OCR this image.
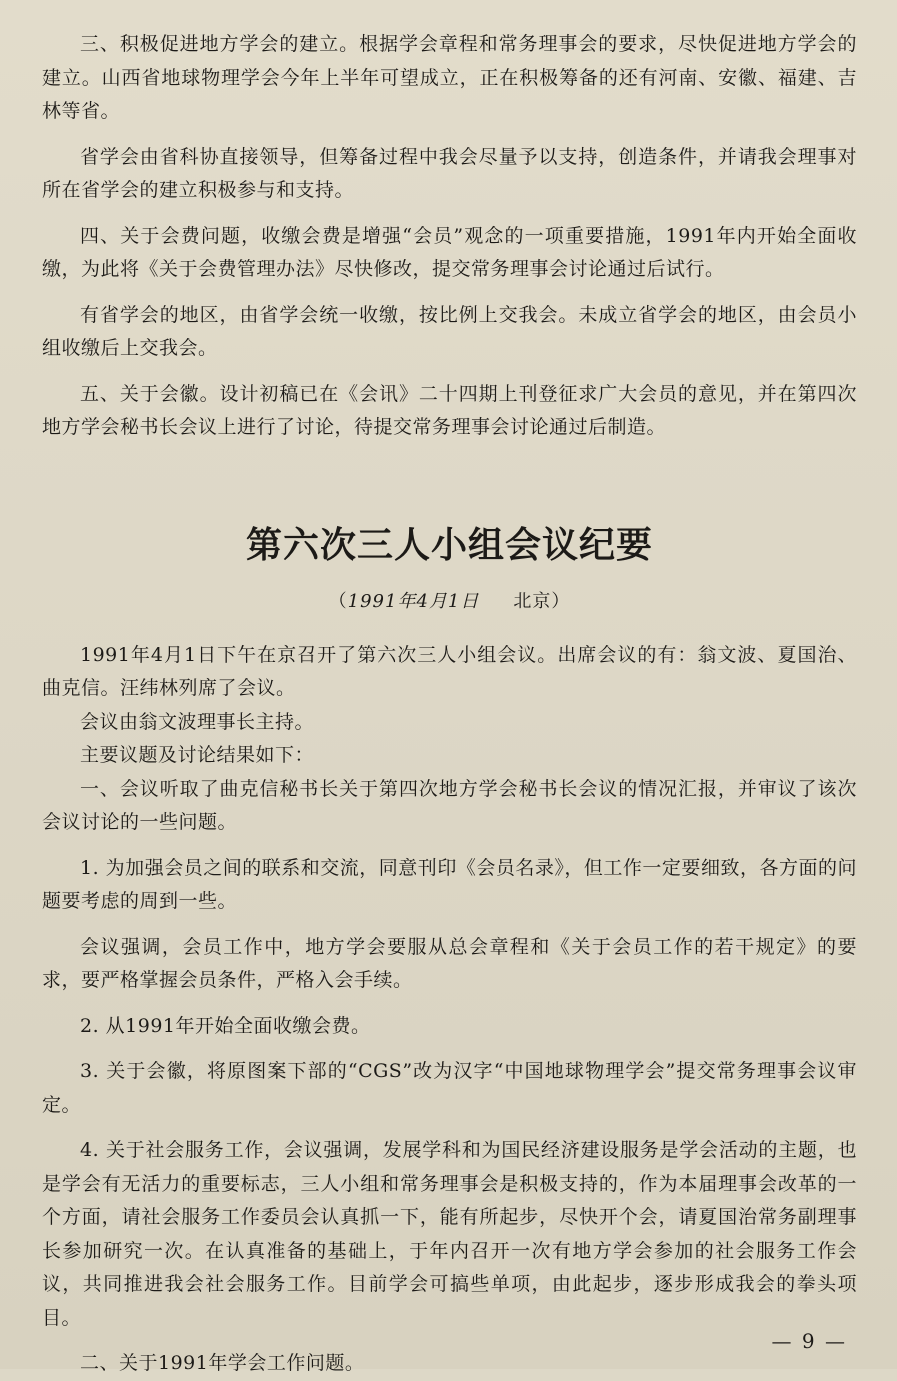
三、积极促进地方学会的建立。根据学会章程和常务理事会的要求，尽快促进地方学会的建立。山西省地球物理学会今年上半年可望成立，正在积极筹备的还有河南、安徽、福建、吉林等省。

省学会由省科协直接领导，但筹备过程中我会尽量予以支持，创造条件，并请我会理事对所在省学会的建立积极参与和支持。

四、关于会费问题，收缴会费是增强“会员”观念的一项重要措施，1991年内开始全面收缴，为此将《关于会费管理办法》尽快修改，提交常务理事会讨论通过后试行。

有省学会的地区，由省学会统一收缴，按比例上交我会。未成立省学会的地区，由会员小组收缴后上交我会。

五、关于会徽。设计初稿已在《会讯》二十四期上刊登征求广大会员的意见，并在第四次地方学会秘书长会议上进行了讨论，待提交常务理事会讨论通过后制造。

第六次三人小组会议纪要
（1991年4月1日 北京）

1991年4月1日下午在京召开了第六次三人小组会议。出席会议的有：翁文波、夏国治、曲克信。汪纬林列席了会议。

会议由翁文波理事长主持。

主要议题及讨论结果如下：

一、会议听取了曲克信秘书长关于第四次地方学会秘书长会议的情况汇报，并审议了该次会议讨论的一些问题。

1. 为加强会员之间的联系和交流，同意刊印《会员名录》，但工作一定要细致，各方面的问题要考虑的周到一些。

会议强调，会员工作中，地方学会要服从总会章程和《关于会员工作的若干规定》的要求，要严格掌握会员条件，严格入会手续。

2. 从1991年开始全面收缴会费。

3. 关于会徽，将原图案下部的“CGS”改为汉字“中国地球物理学会”提交常务理事会议审定。

4. 关于社会服务工作，会议强调，发展学科和为国民经济建设服务是学会活动的主题，也是学会有无活力的重要标志，三人小组和常务理事会是积极支持的，作为本届理事会改革的一个方面，请社会服务工作委员会认真抓一下，能有所起步，尽快开个会，请夏国治常务副理事长参加研究一次。在认真准备的基础上，于年内召开一次有地方学会参加的社会服务工作会议，共同推进我会社会服务工作。目前学会可搞些单项，由此起步，逐步形成我会的拳头项目。

二、关于1991年学会工作问题。

— 9 —
